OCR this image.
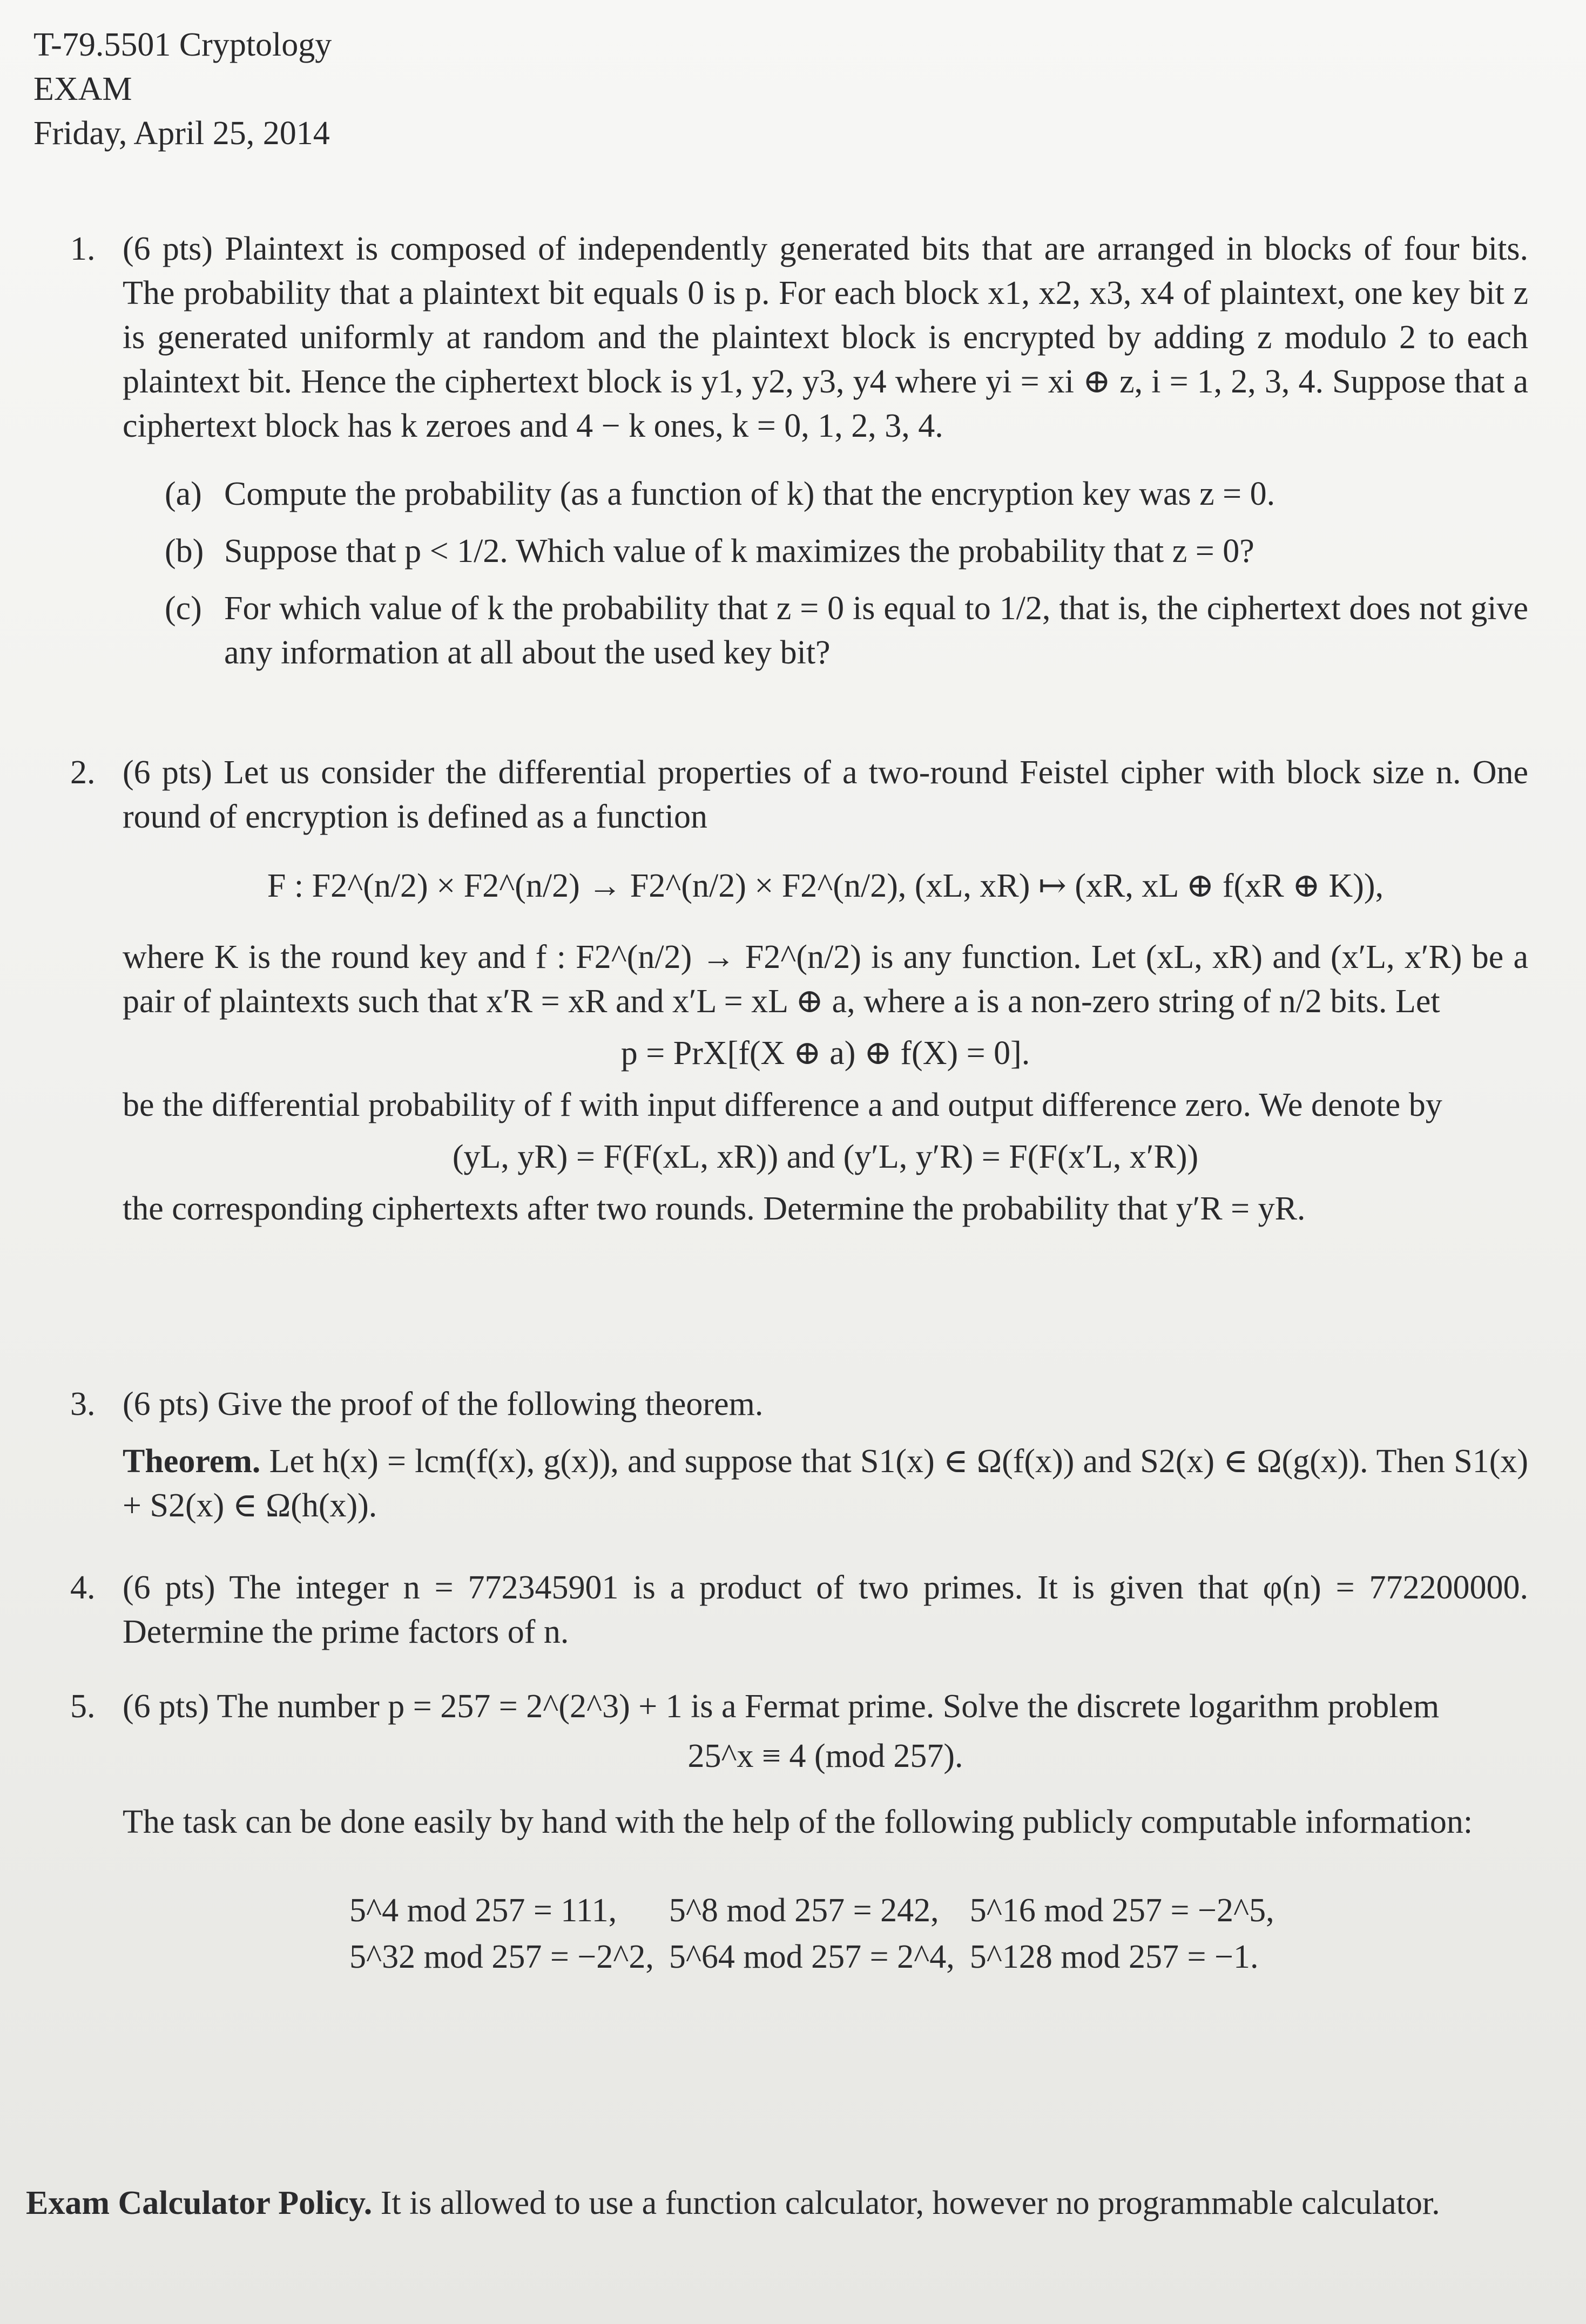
T-79.5501 Cryptology
EXAM
Friday, April 25, 2014
1. (6 pts) Plaintext is composed of independently generated bits that are arranged in blocks of four bits. The probability that a plaintext bit equals 0 is p. For each block x1, x2, x3, x4 of plaintext, one key bit z is generated uniformly at random and the plaintext block is encrypted by adding z modulo 2 to each plaintext bit. Hence the ciphertext block is y1, y2, y3, y4 where yi = xi ⊕ z, i = 1, 2, 3, 4. Suppose that a ciphertext block has k zeroes and 4 − k ones, k = 0, 1, 2, 3, 4.
(a) Compute the probability (as a function of k) that the encryption key was z = 0.
(b) Suppose that p < 1/2. Which value of k maximizes the probability that z = 0?
(c) For which value of k the probability that z = 0 is equal to 1/2, that is, the ciphertext does not give any information at all about the used key bit?
2. (6 pts) Let us consider the differential properties of a two-round Feistel cipher with block size n. One round of encryption is defined as a function
F : F2^(n/2) × F2^(n/2) → F2^(n/2) × F2^(n/2), (xL, xR) ↦ (xR, xL ⊕ f(xR ⊕ K)),
where K is the round key and f : F2^(n/2) → F2^(n/2) is any function. Let (xL, xR) and (x′L, x′R) be a pair of plaintexts such that x′R = xR and x′L = xL ⊕ a, where a is a non-zero string of n/2 bits. Let
p = PrX[f(X ⊕ a) ⊕ f(X) = 0].
be the differential probability of f with input difference a and output difference zero. We denote by
(yL, yR) = F(F(xL, xR)) and (y′L, y′R) = F(F(x′L, x′R))
the corresponding ciphertexts after two rounds. Determine the probability that y′R = yR.
3. (6 pts) Give the proof of the following theorem.
Theorem. Let h(x) = lcm(f(x), g(x)), and suppose that S1(x) ∈ Ω(f(x)) and S2(x) ∈ Ω(g(x)). Then S1(x) + S2(x) ∈ Ω(h(x)).
4. (6 pts) The integer n = 772345901 is a product of two primes. It is given that φ(n) = 772200000. Determine the prime factors of n.
5. (6 pts) The number p = 257 = 2^(2^3) + 1 is a Fermat prime. Solve the discrete logarithm problem
25^x ≡ 4 (mod 257).
The task can be done easily by hand with the help of the following publicly computable information:
5^4 mod 257 = 111,	5^8 mod 257 = 242,	5^16 mod 257 = −2^5,
5^32 mod 257 = −2^2,	5^64 mod 257 = 2^4,	5^128 mod 257 = −1.
Exam Calculator Policy. It is allowed to use a function calculator, however no programmable calculator.
